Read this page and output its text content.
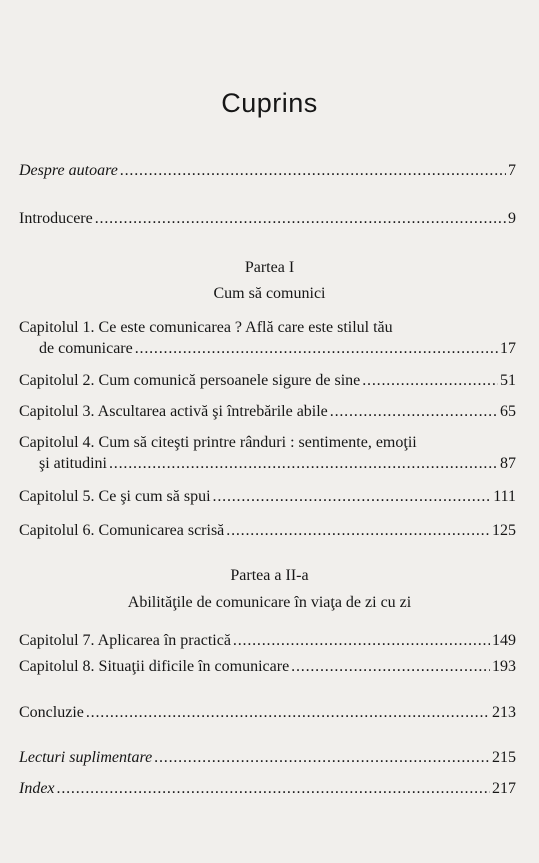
Cuprins
Despre autoare . . .	7
Introducere . . .	9
Partea I
Cum să comunici
Capitolul 1. Ce este comunicarea ? Află care este stilul tău
de comunicare . . .	17
Capitolul 2. Cum comunică persoanele sigure de sine . . .	51
Capitolul 3. Ascultarea activă şi întrebările abile . . .	65
Capitolul 4. Cum să citeşti printre rânduri : sentimente, emoţii
şi atitudini . . .	87
Capitolul 5. Ce şi cum să spui . . .	111
Capitolul 6. Comunicarea scrisă . . .	125
Partea a II-a
Abilităţile de comunicare în viaţa de zi cu zi
Capitolul 7. Aplicarea în practică . . .	149
Capitolul 8. Situaţii dificile în comunicare . . .	193
Concluzie . . .	213
Lecturi suplimentare . . .	215
Index . . .	217
